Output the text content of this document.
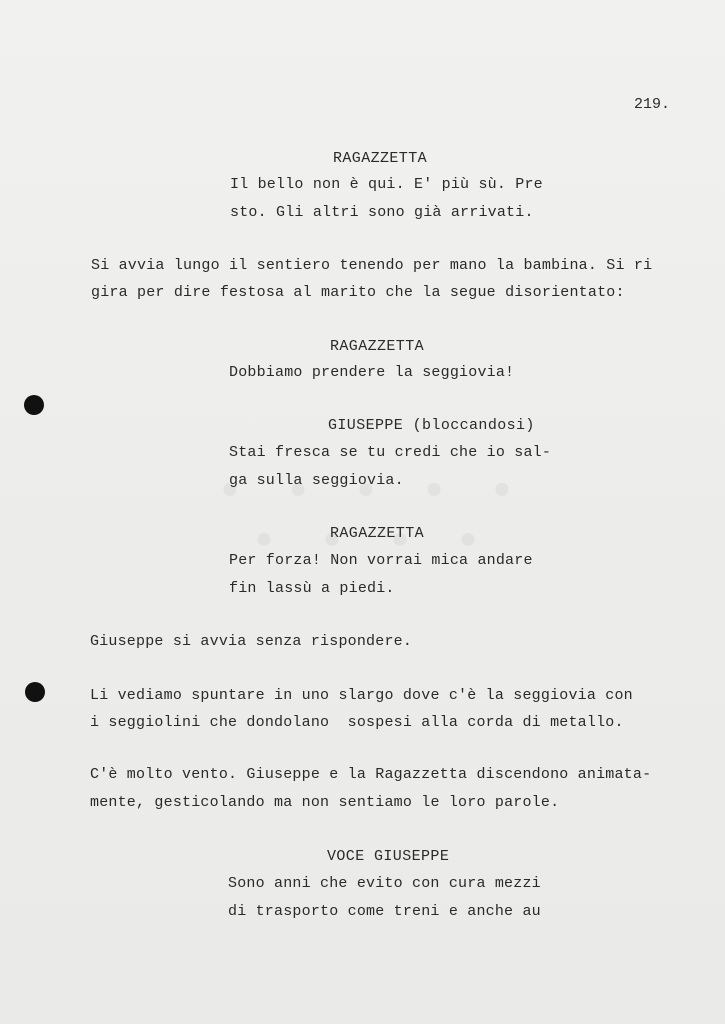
219.
RAGAZZETTA
Il bello non è qui. E' più sù. Pre
sto. Gli altri sono già arrivati.
Si avvia lungo il sentiero tenendo per mano la bambina. Si ri
gira per dire festosa al marito che la segue disorientato:
RAGAZZETTA
Dobbiamo prendere la seggiovia!
GIUSEPPE (bloccandosi)
Stai fresca se tu credi che io sal-
ga sulla seggiovia.
RAGAZZETTA
Per forza! Non vorrai mica andare
fin lassù a piedi.
Giuseppe si avvia senza rispondere.
Li vediamo spuntare in uno slargo dove c'è la seggiovia con
i seggiolini che dondolano  sospesi alla corda di metallo.
C'è molto vento. Giuseppe e la Ragazzetta discendono animata-
mente, gesticolando ma non sentiamo le loro parole.
VOCE GIUSEPPE
Sono anni che evito con cura mezzi
di trasporto come treni e anche au
